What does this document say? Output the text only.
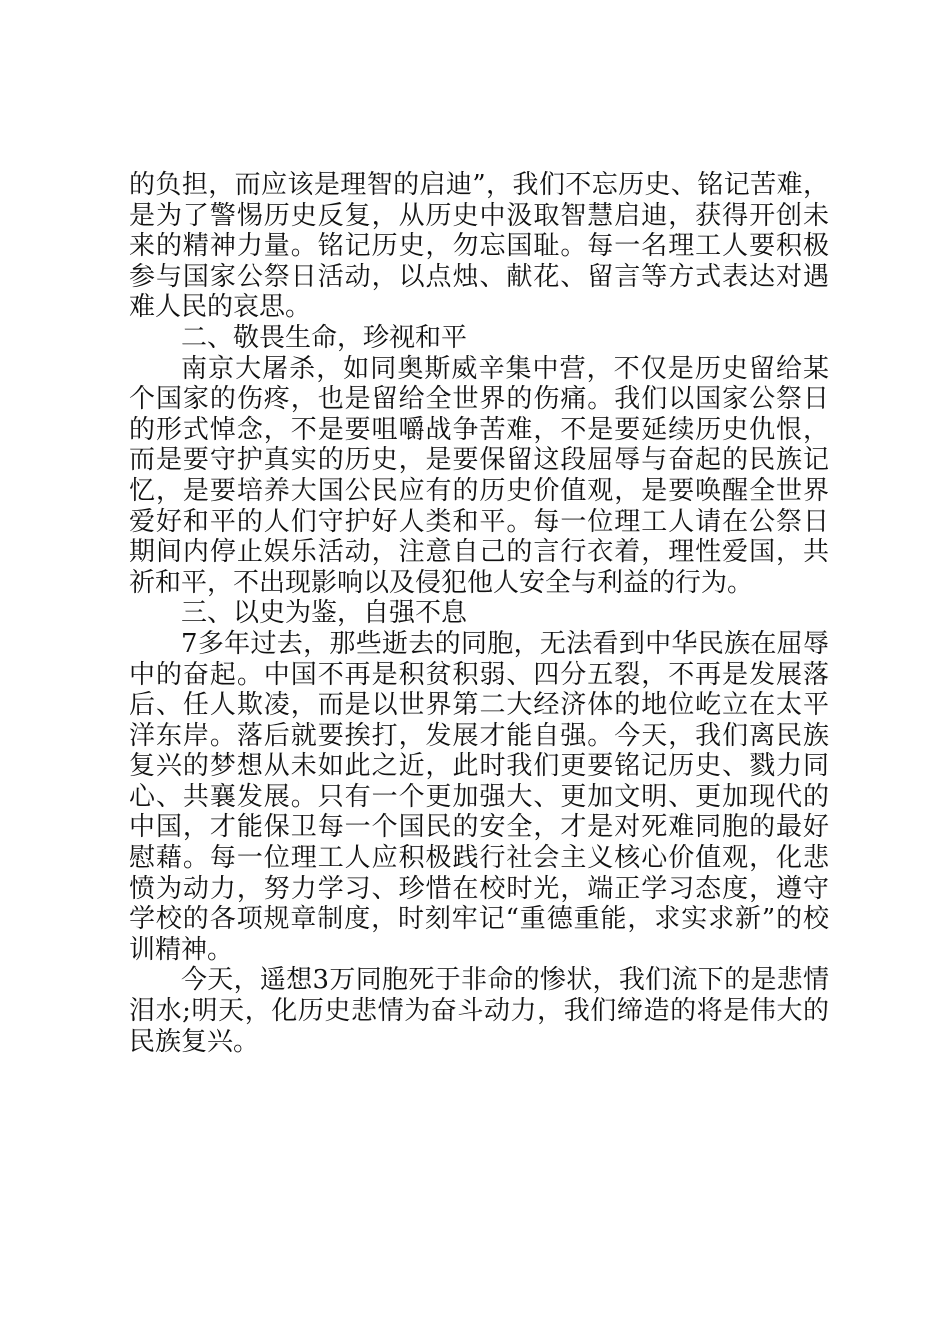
的负担，而应该是理智的启迪”，我们不忘历史、铭记苦难，是为了警惕历史反复，从历史中汲取智慧启迪，获得开创未来的精神力量。铭记历史，勿忘国耻。每一名理工人要积极参与国家公祭日活动，以点烛、献花、留言等方式表达对遇难人民的哀思。

二、敬畏生命，珍视和平

南京大屠杀，如同奥斯威辛集中营，不仅是历史留给某个国家的伤疼，也是留给全世界的伤痛。我们以国家公祭日的形式悼念，不是要咀嚼战争苦难，不是要延续历史仇恨，而是要守护真实的历史，是要保留这段屈辱与奋起的民族记忆，是要培养大国公民应有的历史价值观，是要唤醒全世界爱好和平的人们守护好人类和平。每一位理工人请在公祭日期间内停止娱乐活动，注意自己的言行衣着，理性爱国，共祈和平，不出现影响以及侵犯他人安全与利益的行为。

三、以史为鉴，自强不息

7多年过去，那些逝去的同胞，无法看到中华民族在屈辱中的奋起。中国不再是积贫积弱、四分五裂，不再是发展落后、任人欺凌，而是以世界第二大经济体的地位屹立在太平洋东岸。落后就要挨打，发展才能自强。今天，我们离民族复兴的梦想从未如此之近，此时我们更要铭记历史、戮力同心、共襄发展。只有一个更加强大、更加文明、更加现代的中国，才能保卫每一个国民的安全，才是对死难同胞的最好慰藉。每一位理工人应积极践行社会主义核心价值观，化悲愤为动力，努力学习、珍惜在校时光，端正学习态度，遵守学校的各项规章制度，时刻牢记“重德重能，求实求新”的校训精神。

今天，遥想3万同胞死于非命的惨状，我们流下的是悲情泪水;明天，化历史悲情为奋斗动力，我们缔造的将是伟大的民族复兴。
